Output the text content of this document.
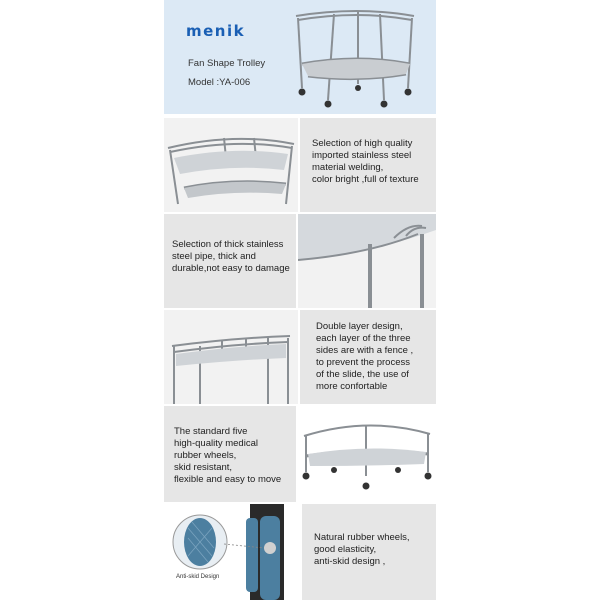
menik
Fan Shape Trolley
Model :YA-006
Selection of high quality
imported stainless steel
material welding,
color bright ,full of texture
Selection of thick stainless
steel pipe, thick and
durable,not easy to damage
Double layer design,
each layer of the three
sides are with a fence ,
to prevent the process
of the slide, the use of
more confortable
The standard five
high-quality medical
rubber wheels,
skid resistant,
flexible and easy to move
Anti-skid Design
Natural rubber wheels,
good elasticity,
anti-skid design ,
